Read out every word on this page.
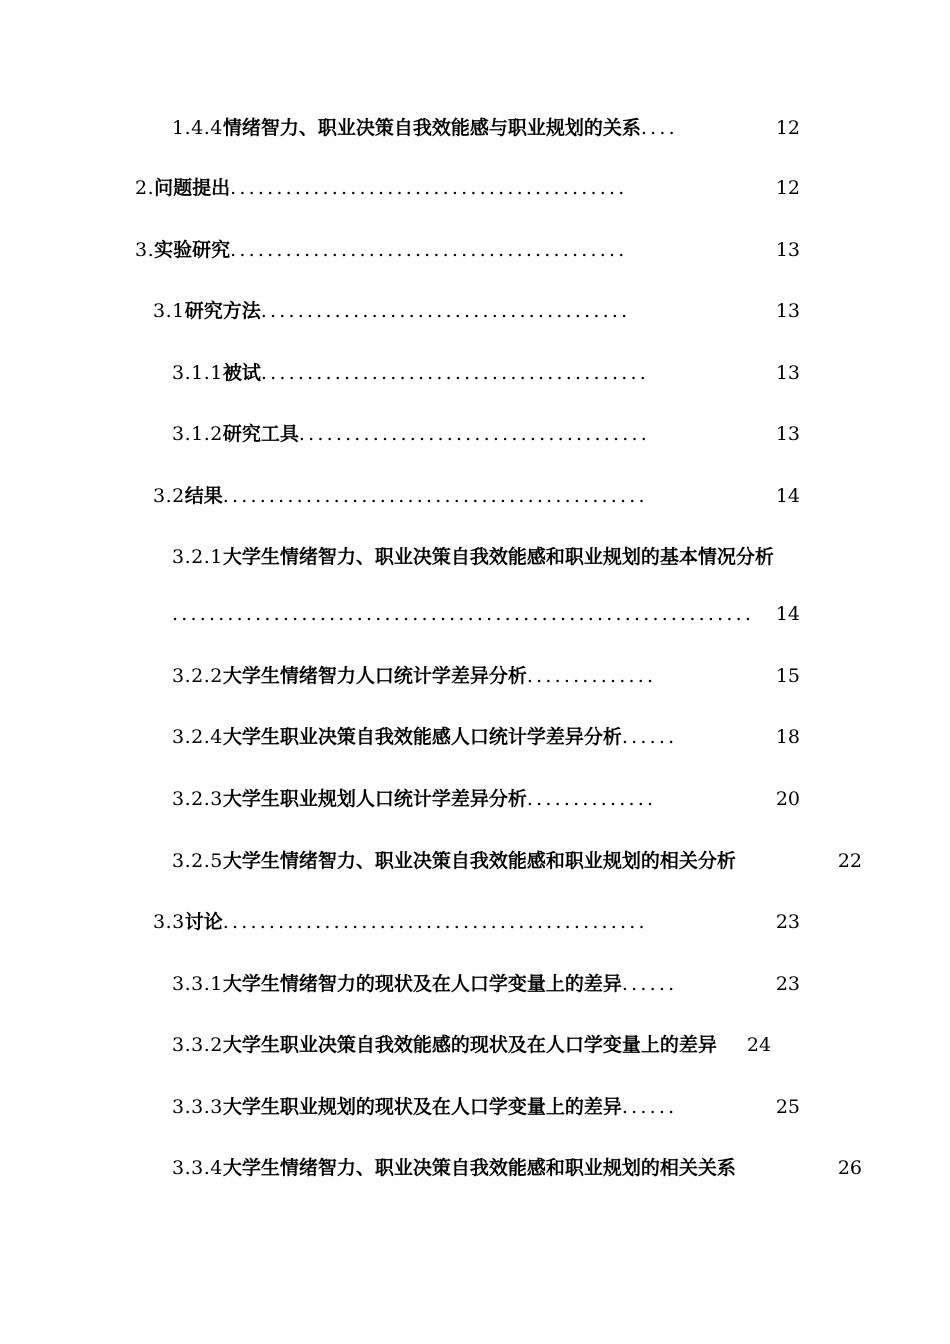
1.4.4 情绪智力、职业决策自我效能感与职业规划的关系 ....	12
2. 问题提出 ...........................................	12
3. 实验研究 ...........................................	13
3.1 研究方法 ........................................	13
3.1.1 被试 ..........................................	13
3.1.2 研究工具 ......................................	13
3.2 结果 ..............................................	14
3.2.1 大学生情绪智力、职业决策自我效能感和职业规划的基本情况分析
...............................................................	14
3.2.2 大学生情绪智力人口统计学差异分析 ..............	15
3.2.4 大学生职业决策自我效能感人口统计学差异分析 ......	18
3.2.3 大学生职业规划人口统计学差异分析 ..............	20
3.2.5 大学生情绪智力、职业决策自我效能感和职业规划的相关分析	22
3.3 讨论 ..............................................	23
3.3.1 大学生情绪智力的现状及在人口学变量上的差异 ......	23
3.3.2 大学生职业决策自我效能感的现状及在人口学变量上的差异 24
3.3.3 大学生职业规划的现状及在人口学变量上的差异 ......	25
3.3.4 大学生情绪智力、职业决策自我效能感和职业规划的相关关系	26
